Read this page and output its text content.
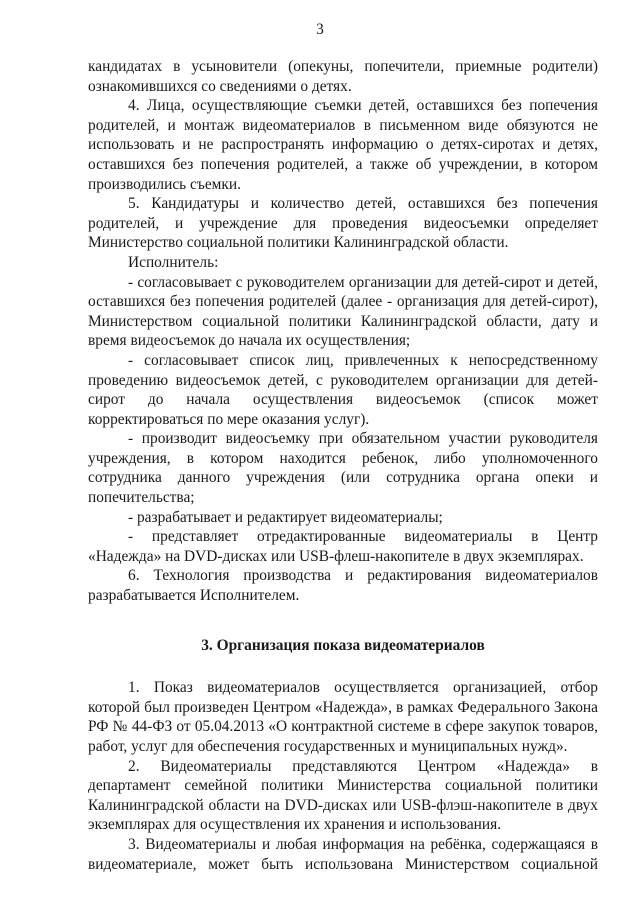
3

кандидатах в усыновители (опекуны, попечители, приемные родители) ознакомившихся со сведениями о детях.

4. Лица, осуществляющие съемки детей, оставшихся без попечения родителей, и монтаж видеоматериалов в письменном виде обязуются не использовать и не распространять информацию о детях-сиротах и детях, оставшихся без попечения родителей, а также об учреждении, в котором производились съемки.

5. Кандидатуры и количество детей, оставшихся без попечения родителей, и учреждение для проведения видеосъемки определяет Министерство социальной политики Калининградской области.

Исполнитель:

- согласовывает с руководителем организации для детей-сирот и детей, оставшихся без попечения родителей (далее - организация для детей-сирот), Министерством социальной политики Калининградской области, дату и время видеосъемок до начала их осуществления;

- согласовывает список лиц, привлеченных к непосредственному проведению видеосъемок детей, с руководителем организации для детей-сирот до начала осуществления видеосъемок (список может корректироваться по мере оказания услуг).

- производит видеосъемку при обязательном участии руководителя учреждения, в котором находится ребенок, либо уполномоченного сотрудника данного учреждения (или сотрудника органа опеки и попечительства;

- разрабатывает и редактирует видеоматериалы;

- представляет отредактированные видеоматериалы в Центр «Надежда» на DVD-дисках или USB-флеш-накопителе в двух экземплярах.

6. Технология производства и редактирования видеоматериалов разрабатывается Исполнителем.

3. Организация показа видеоматериалов

1. Показ видеоматериалов осуществляется организацией, отбор которой был произведен Центром «Надежда», в рамках Федерального Закона РФ № 44-ФЗ от 05.04.2013 «О контрактной системе в сфере закупок товаров, работ, услуг для обеспечения государственных и муниципальных нужд».

2. Видеоматериалы представляются Центром «Надежда» в департамент семейной политики Министерства социальной политики Калининградской области на DVD-дисках или USB-флэш-накопителе в двух экземплярах для осуществления их хранения и использования.

3. Видеоматериалы и любая информация на ребёнка, содержащаяся в видеоматериале, может быть использована Министерством социальной
